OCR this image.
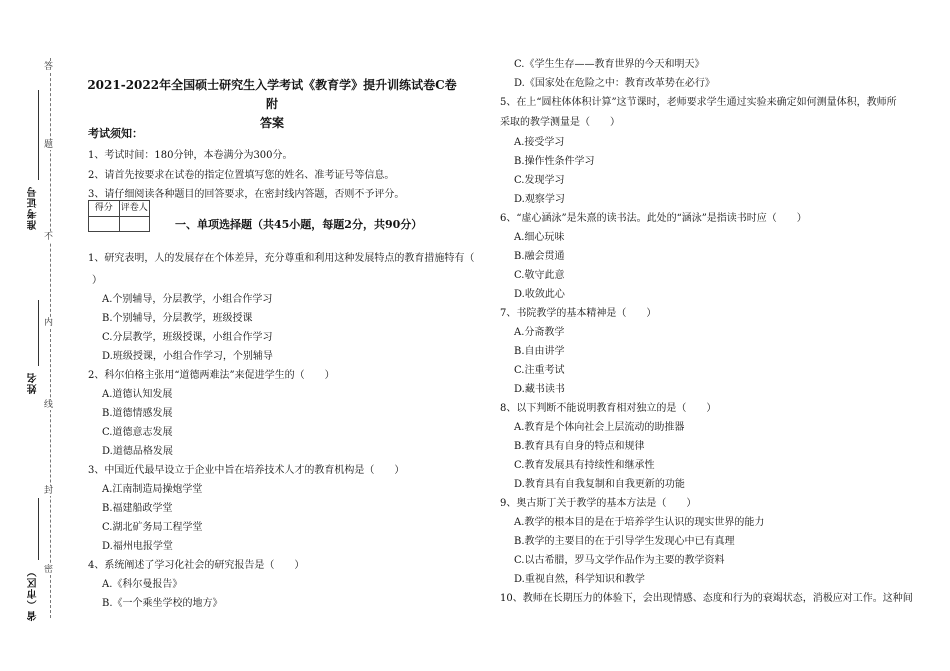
答
题
不
内
线
封
密
准考证号
姓名
省（市区）
2021-2022年全国硕士研究生入学考试《教育学》提升训练试卷C卷 附
答案
考试须知：
1、考试时间：180分钟，本卷满分为300分。
2、请首先按要求在试卷的指定位置填写您的姓名、准考证号等信息。
3、请仔细阅读各种题目的回答要求，在密封线内答题，否则不予评分。
得分 评卷人
一、单项选择题（共45小题，每题2分，共90分）
1、研究表明，人的发展存在个体差异，充分尊重和利用这种发展特点的教育措施特有（
）
A.个别辅导，分层教学，小组合作学习
B.个别辅导，分层教学，班级授课
C.分层教学，班级授课，小组合作学习
D.班级授课，小组合作学习，个别辅导
2、科尔伯格主张用“道德两难法”来促进学生的（　　）
A.道德认知发展
B.道德情感发展
C.道德意志发展
D.道德品格发展
3、中国近代最早设立于企业中旨在培养技术人才的教育机构是（　　）
A.江南制造局操炮学堂
B.福建船政学堂
C.湖北矿务局工程学堂
D.福州电报学堂
4、系统阐述了学习化社会的研究报告是（　　）
A.《科尔曼报告》
B.《一个乘坐学校的地方》
C.《学生生存——教育世界的今天和明天》
D.《国家处在危险之中：教育改革势在必行》
5、在上“圆柱体体积计算”这节课时，老师要求学生通过实验来确定如何测量体积，教师所
采取的教学测量是（　　）
A.接受学习
B.操作性条件学习
C.发现学习
D.观察学习
6、“虚心涵泳”是朱熹的读书法。此处的“涵泳”是指读书时应（　　）
A.细心玩味
B.融会贯通
C.敬守此意
D.收敛此心
7、书院教学的基本精神是（　　）
A.分斋教学
B.自由讲学
C.注重考试
D.藏书读书
8、以下判断不能说明教育相对独立的是（　　）
A.教育是个体向社会上层流动的助推器
B.教育具有自身的特点和规律
C.教育发展具有持续性和继承性
D.教育具有自我复制和自我更新的功能
9、奥古斯丁关于教学的基本方法是（　　）
A.教学的根本目的是在于培养学生认识的现实世界的能力
B.教学的主要目的在于引导学生发现心中已有真理
C.以古希腊，罗马文学作品作为主要的教学资料
D.重视自然，科学知识和教学
10、教师在长期压力的体验下，会出现情感、态度和行为的衰竭状态，消极应对工作。这种间
